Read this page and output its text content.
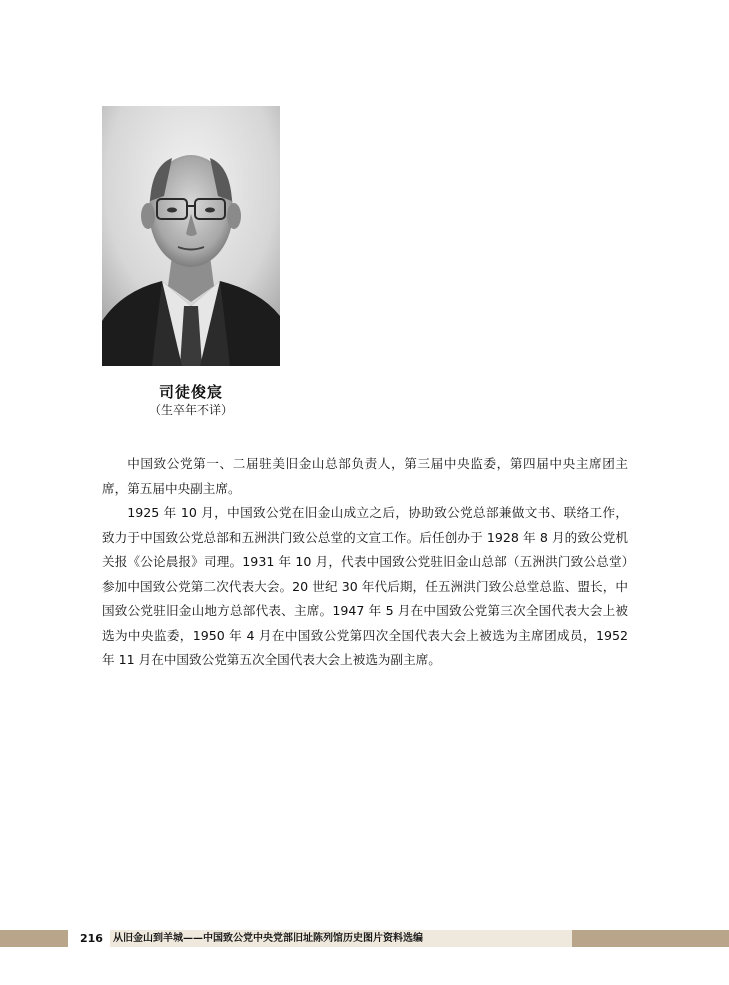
司徒俊宸
（生卒年不详）

中国致公党第一、二届驻美旧金山总部负责人，第三届中央监委，第四届中央主席团主席，第五届中央副主席。

1925 年 10 月，中国致公党在旧金山成立之后，协助致公党总部兼做文书、联络工作，致力于中国致公党总部和五洲洪门致公总堂的文宣工作。后任创办于 1928 年 8 月的致公党机关报《公论晨报》司理。1931 年 10 月，代表中国致公党驻旧金山总部（五洲洪门致公总堂）参加中国致公党第二次代表大会。20 世纪 30 年代后期，任五洲洪门致公总堂总监、盟长，中国致公党驻旧金山地方总部代表、主席。1947 年 5 月在中国致公党第三次全国代表大会上被选为中央监委，1950 年 4 月在中国致公党第四次全国代表大会上被选为主席团成员，1952 年 11 月在中国致公党第五次全国代表大会上被选为副主席。

216 从旧金山到羊城——中国致公党中央党部旧址陈列馆历史图片资料选编
